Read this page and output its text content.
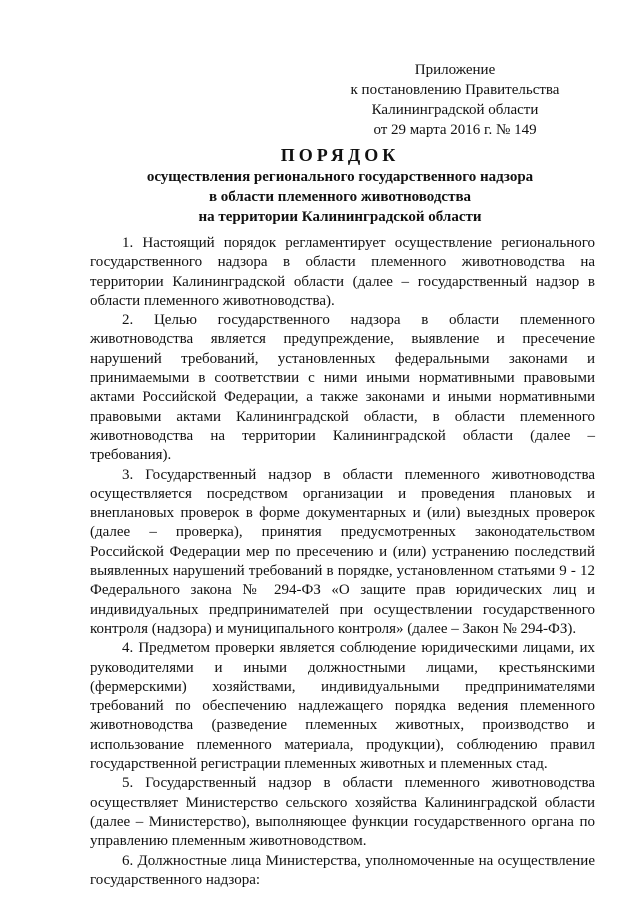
Приложение
к постановлению Правительства
Калининградской области
от 29 марта 2016 г. № 149
ПОРЯДОК
осуществления регионального государственного надзора
в области племенного животноводства
на территории Калининградской области

1. Настоящий порядок регламентирует осуществление регионального государственного надзора в области племенного животноводства на территории Калининградской области (далее – государственный надзор в области племенного животноводства).

2. Целью государственного надзора в области племенного животноводства является предупреждение, выявление и пресечение нарушений требований, установленных федеральными законами и принимаемыми в соответствии с ними иными нормативными правовыми актами Российской Федерации, а также законами и иными нормативными правовыми актами Калининградской области, в области племенного животноводства на территории Калининградской области (далее – требования).

3. Государственный надзор в области племенного животноводства осуществляется посредством организации и проведения плановых и внеплановых проверок в форме документарных и (или) выездных проверок (далее – проверка), принятия предусмотренных законодательством Российской Федерации мер по пресечению и (или) устранению последствий выявленных нарушений требований в порядке, установленном статьями 9 - 12 Федерального закона № 294-ФЗ «О защите прав юридических лиц и индивидуальных предпринимателей при осуществлении государственного контроля (надзора) и муниципального контроля» (далее – Закон № 294-ФЗ).

4. Предметом проверки является соблюдение юридическими лицами, их руководителями и иными должностными лицами, крестьянскими (фермерскими) хозяйствами, индивидуальными предпринимателями требований по обеспечению надлежащего порядка ведения племенного животноводства (разведение племенных животных, производство и использование племенного материала, продукции), соблюдению правил государственной регистрации племенных животных и племенных стад.

5. Государственный надзор в области племенного животноводства осуществляет Министерство сельского хозяйства Калининградской области (далее – Министерство), выполняющее функции государственного органа по управлению племенным животноводством.

6. Должностные лица Министерства, уполномоченные на осуществление государственного надзора:
